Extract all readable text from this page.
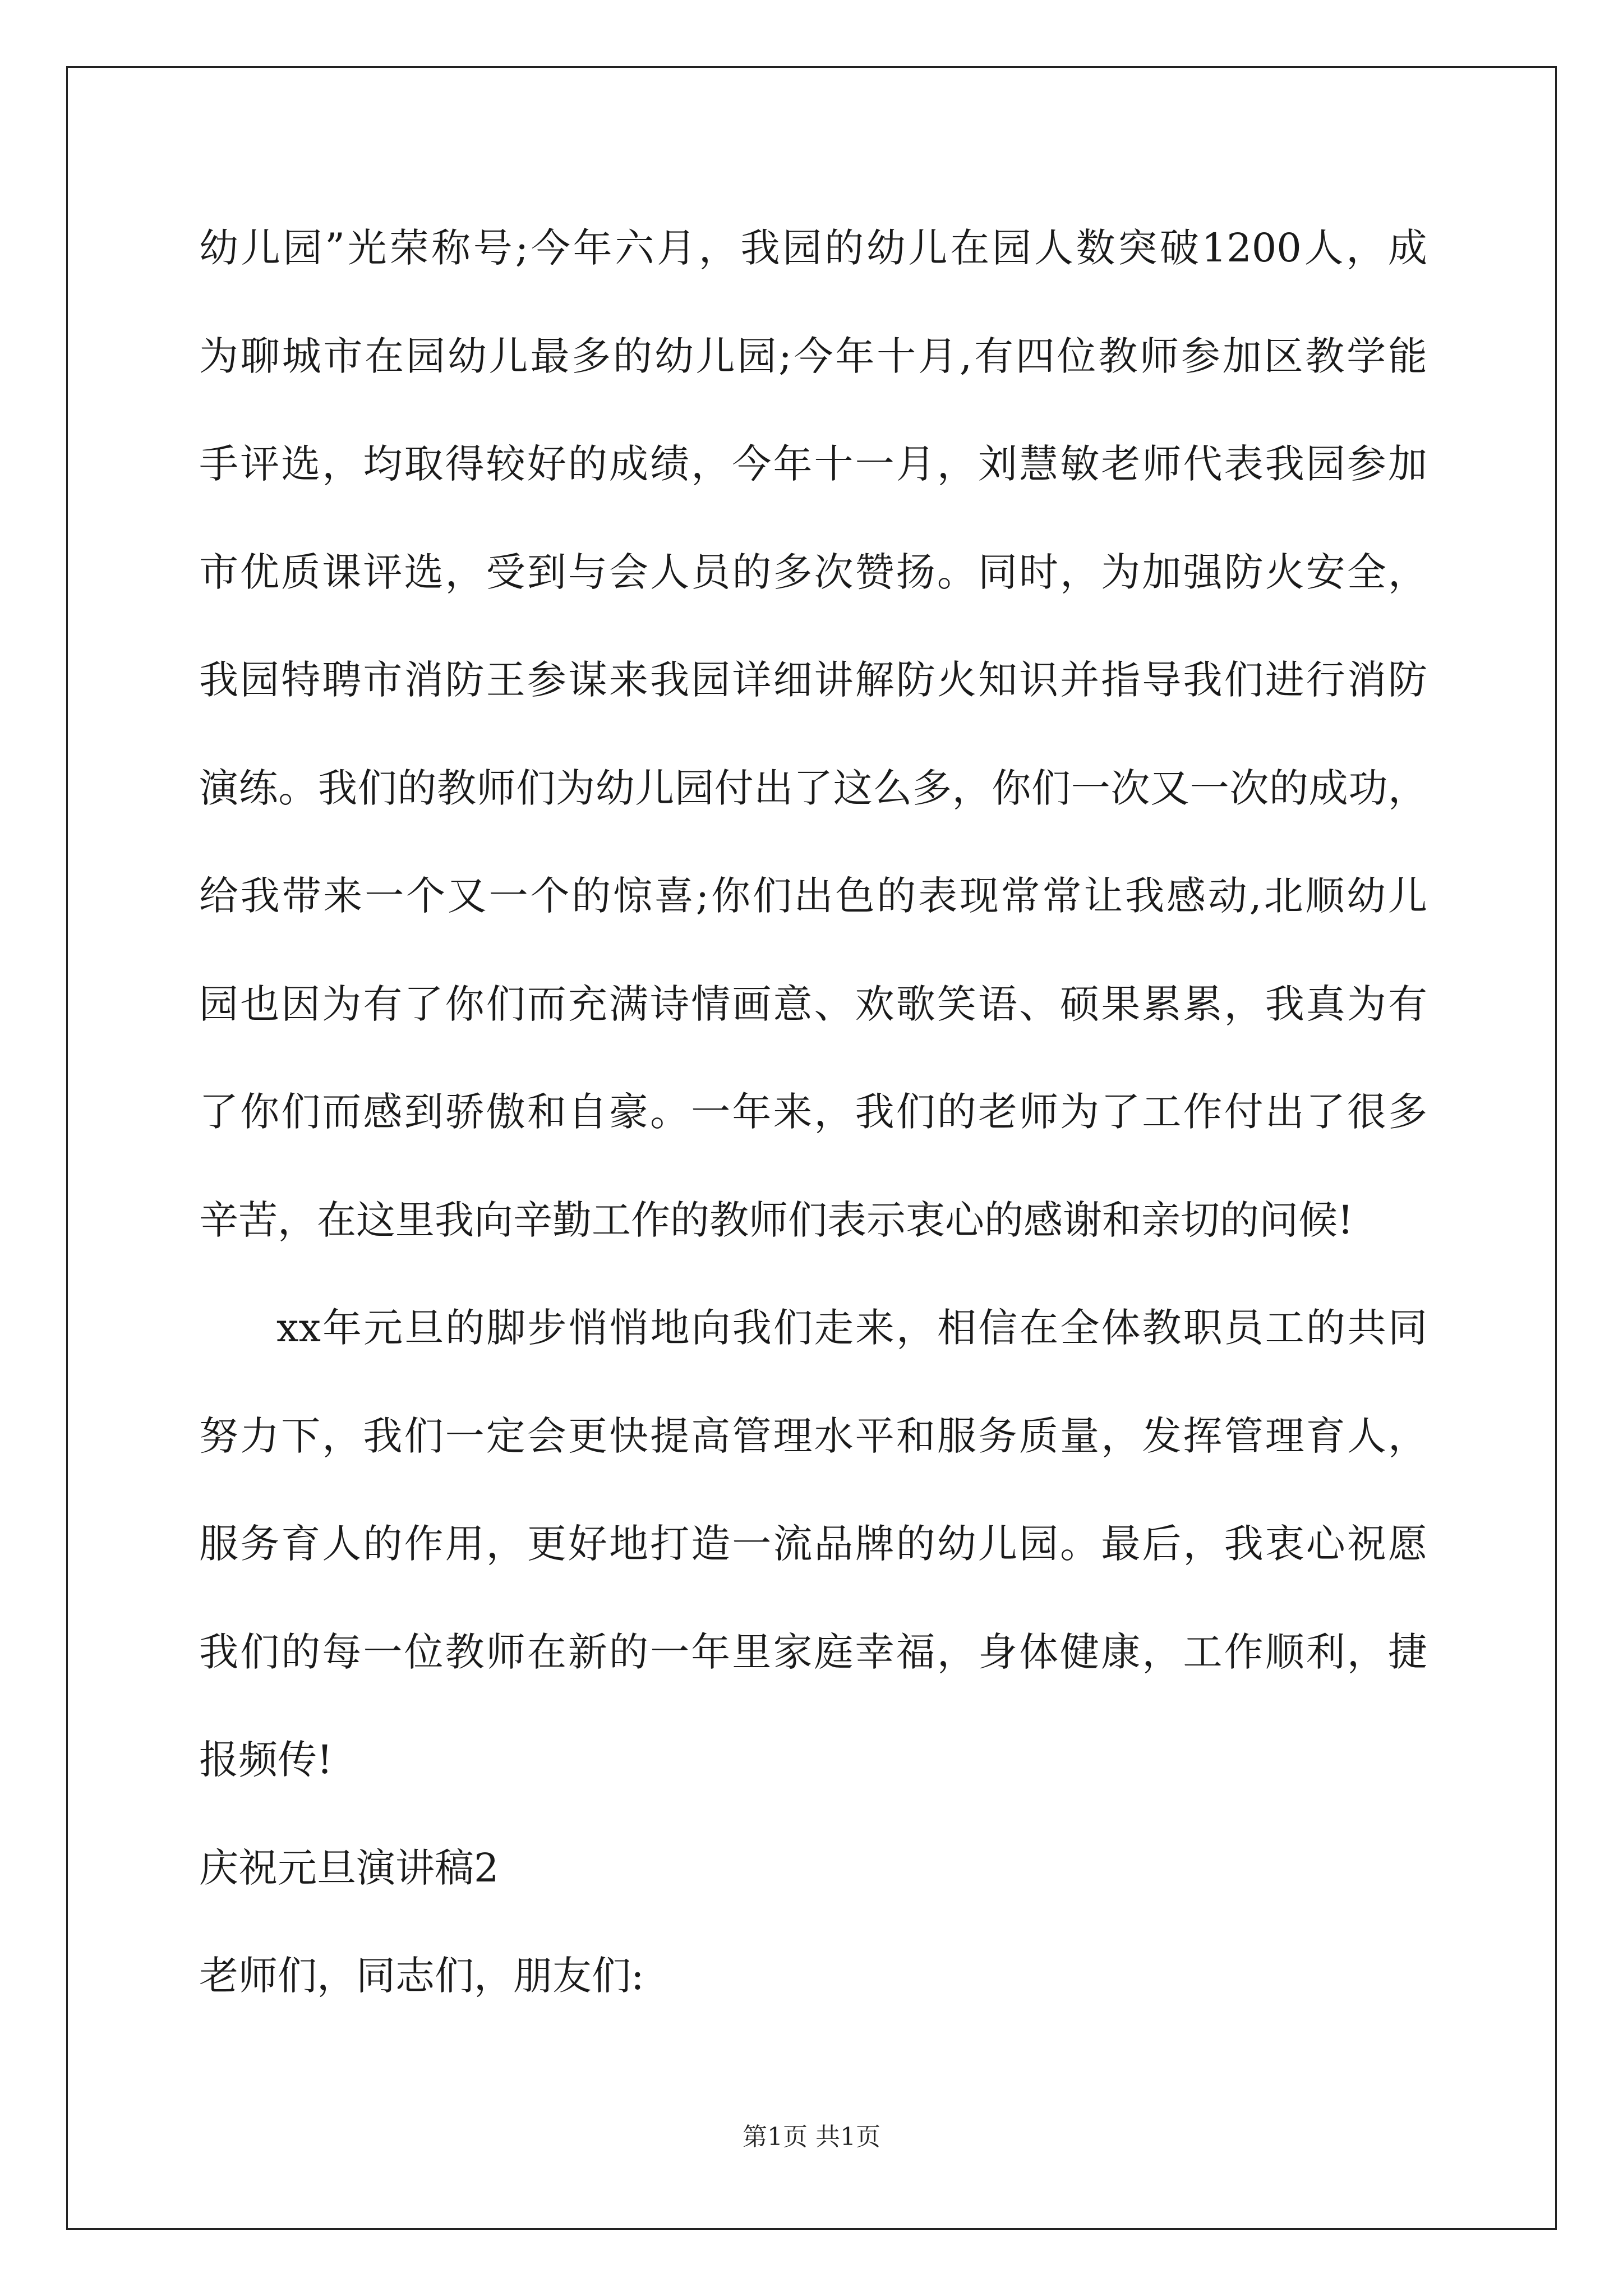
幼儿园”光荣称号;今年六月，我园的幼儿在园人数突破1200人，成
为聊城市在园幼儿最多的幼儿园;今年十月,有四位教师参加区教学能
手评选，均取得较好的成绩，今年十一月，刘慧敏老师代表我园参加
市优质课评选，受到与会人员的多次赞扬。同时，为加强防火安全，
我园特聘市消防王参谋来我园详细讲解防火知识并指导我们进行消防
演练。我们的教师们为幼儿园付出了这么多，你们一次又一次的成功，
给我带来一个又一个的惊喜;你们出色的表现常常让我感动,北顺幼儿
园也因为有了你们而充满诗情画意、欢歌笑语、硕果累累，我真为有
了你们而感到骄傲和自豪。一年来，我们的老师为了工作付出了很多
辛苦，在这里我向辛勤工作的教师们表示衷心的感谢和亲切的问候!
xx年元旦的脚步悄悄地向我们走来，相信在全体教职员工的共同
努力下，我们一定会更快提高管理水平和服务质量，发挥管理育人，
服务育人的作用，更好地打造一流品牌的幼儿园。最后，我衷心祝愿
我们的每一位教师在新的一年里家庭幸福，身体健康，工作顺利，捷
报频传!
庆祝元旦演讲稿2
老师们，同志们，朋友们:
第1页 共1页
